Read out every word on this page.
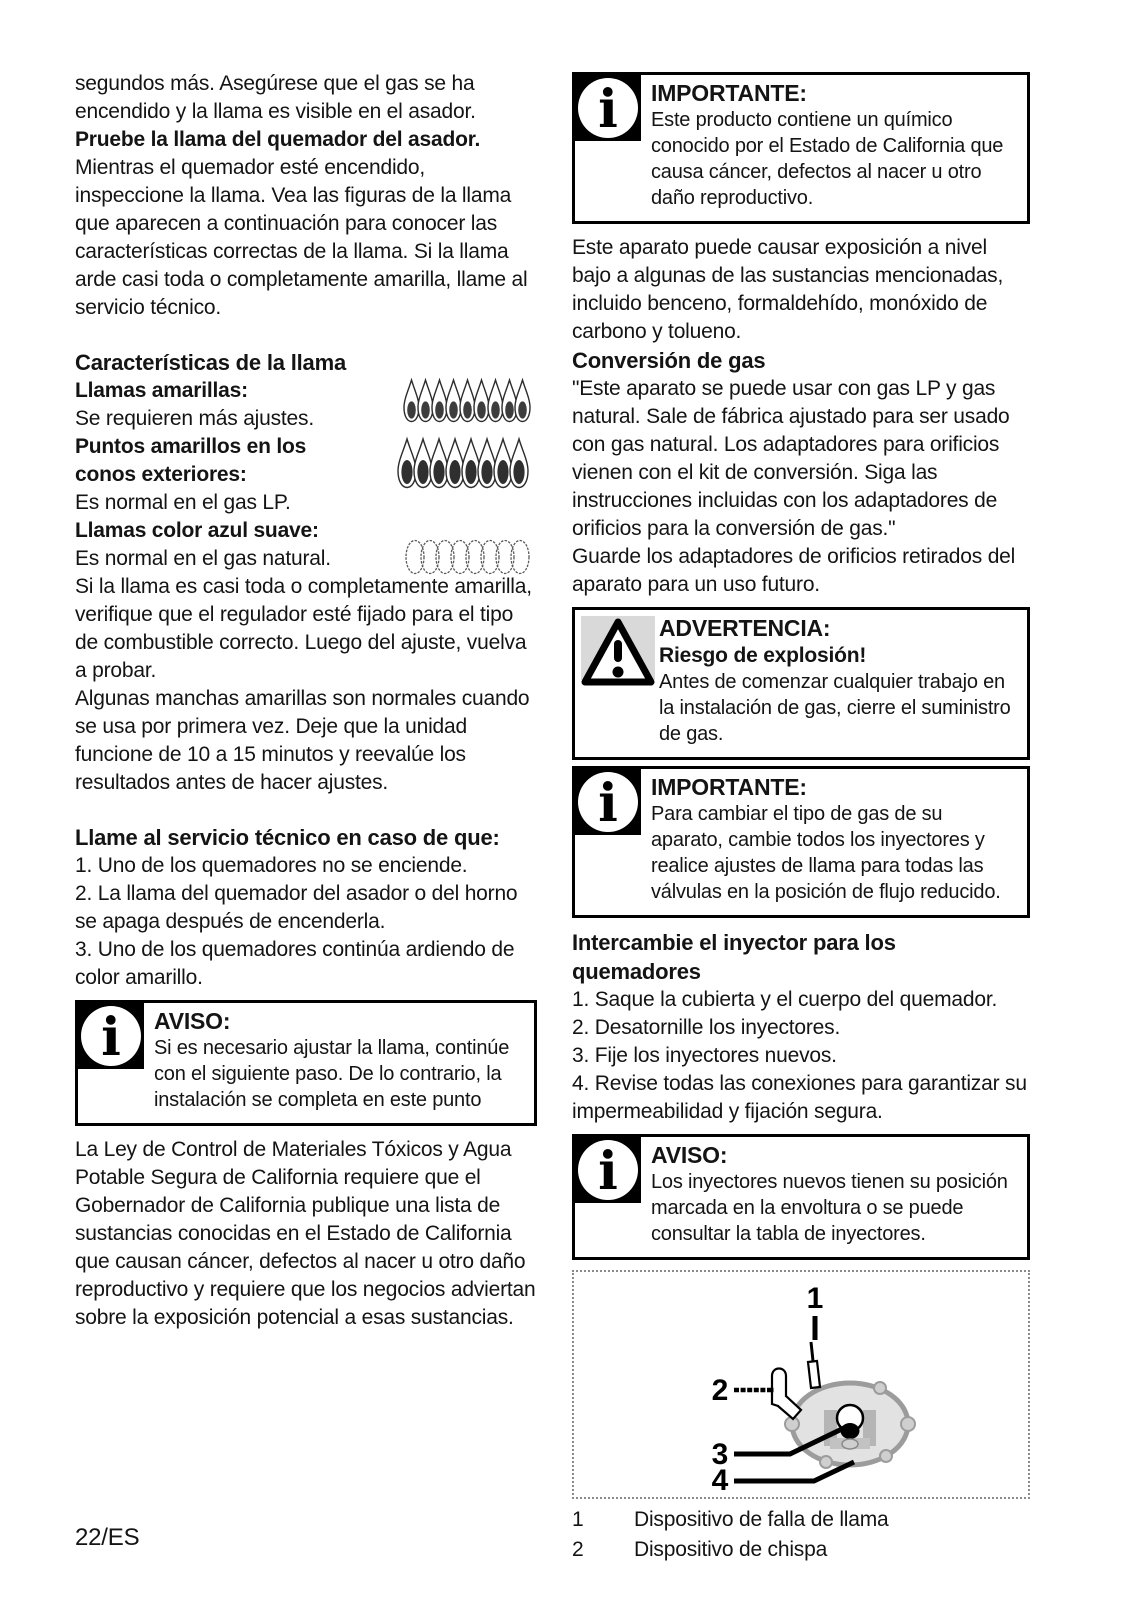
segundos más. Asegúrese que el gas se ha encendido y la llama es visible en el asador.

Pruebe la llama del quemador del asador.

Mientras el quemador esté encendido, inspeccione la llama. Vea las figuras de la llama que aparecen a continuación para conocer las características correctas de la llama. Si la llama arde casi toda o completamente amarilla, llame al servicio técnico.

Características de la llama

Llamas amarillas:

Se requieren más ajustes.

Puntos amarillos en los conos exteriores:

Es normal en el gas LP.

Llamas color azul suave:

Es normal en el gas natural.

Si la llama es casi toda o completamente amarilla, verifique que el regulador esté fijado para el tipo de combustible correcto. Luego del ajuste, vuelva a probar.

Algunas manchas amarillas son normales cuando se usa por primera vez. Deje que la unidad funcione de 10 a 15 minutos y reevalúe los resultados antes de hacer ajustes.

Llame al servicio técnico en caso de que:

1. Uno de los quemadores no se enciende.

2. La llama del quemador del asador o del horno se apaga después de encenderla.

3. Uno de los quemadores continúa ardiendo de color amarillo.

i AVISO:
Si es necesario ajustar la llama, continúe con el siguiente paso. De lo contrario, la instalación se completa en este punto

La Ley de Control de Materiales Tóxicos y Agua Potable Segura de California requiere que el Gobernador de California publique una lista de sustancias conocidas en el Estado de California que causan cáncer, defectos al nacer u otro daño reproductivo y requiere que los negocios adviertan sobre la exposición potencial a esas sustancias.

i IMPORTANTE:
Este producto contiene un químico conocido por el Estado de California que causa cáncer, defectos al nacer u otro daño reproductivo.

Este aparato puede causar exposición a nivel bajo a algunas de las sustancias mencionadas, incluido benceno, formaldehído, monóxido de carbono y tolueno.

Conversión de gas

"Este aparato se puede usar con gas LP y gas natural. Sale de fábrica ajustado para ser usado con gas natural. Los adaptadores para orificios vienen con el kit de conversión. Siga las instrucciones incluidas con los adaptadores de orificios para la conversión de gas."

Guarde los adaptadores de orificios retirados del aparato para un uso futuro.

ADVERTENCIA:
Riesgo de explosión!
Antes de comenzar cualquier trabajo en la instalación de gas, cierre el suministro de gas.
i IMPORTANTE:
Para cambiar el tipo de gas de su aparato, cambie todos los inyectores y realice ajustes de llama para todas las válvulas en la posición de flujo reducido.

Intercambie el inyector para los quemadores

1. Saque la cubierta y el cuerpo del quemador.

2. Desatornille los inyectores.

3. Fije los inyectores nuevos.

4. Revise todas las conexiones para garantizar su impermeabilidad y fijación segura.

i AVISO:
Los inyectores nuevos tienen su posición marcada en la envoltura o se puede consultar la tabla de inyectores.
1
2
3
4
1	Dispositivo de falla de llama
2	Dispositivo de chispa
22/ES
